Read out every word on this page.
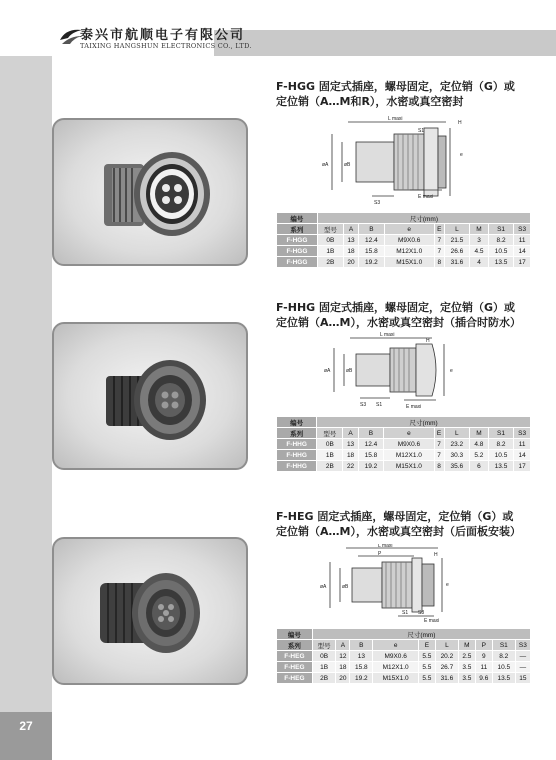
泰兴市航顺电子有限公司
TAIXING HANGSHUN ELECTRONICS CO., LTD.
27
F-HGG 固定式插座，螺母固定，定位销（G）或
定位销（A…M和R），水密或真空密封
L maxi
S1
H
e
øB
øA
S3
E maxi
编号	尺寸(mm)								
系列	型号	A	B	e	E	L	M	S1	S3
F-HGG	0B	13	12.4	M9X0.6	7	21.5	3	8.2	11
F-HGG	1B	18	15.8	M12X1.0	7	26.6	4.5	10.5	14
F-HGG	2B	20	19.2	M15X1.0	8	31.6	4	13.5	17
F-HHG 固定式插座，螺母固定，定位销（G）或
定位销（A…M），水密或真空密封（插合时防水）
L maxi
H
e
øB
øA
S3 S1	E maxi
编号	尺寸(mm)								
系列	型号	A	B	e	E	L	M	S1	S3
F-HHG	0B	13	12.4	M9X0.6	7	23.2	4.8	8.2	11
F-HHG	1B	18	15.8	M12X1.0	7	30.3	5.2	10.5	14
F-HHG	2B	22	19.2	M15X1.0	8	35.6	6	13.5	17
F-HEG 固定式插座，螺母固定，定位销（G）或
定位销（A…M），水密或真空密封（后面板安装）
L maxi
P	H
e
øB
øA
S1
E maxi
S3
编号	尺寸(mm)									
系列	型号	A	B	e	E	L	M	P	S1	S3
F-HEG	0B	12	13	M9X0.6	5.5	20.2	2.5	9	8.2	—
F-HEG	1B	18	15.8	M12X1.0	5.5	26.7	3.5	11	10.5	—
F-HEG	2B	20	19.2	M15X1.0	5.5	31.6	3.5	9.6	13.5	15
